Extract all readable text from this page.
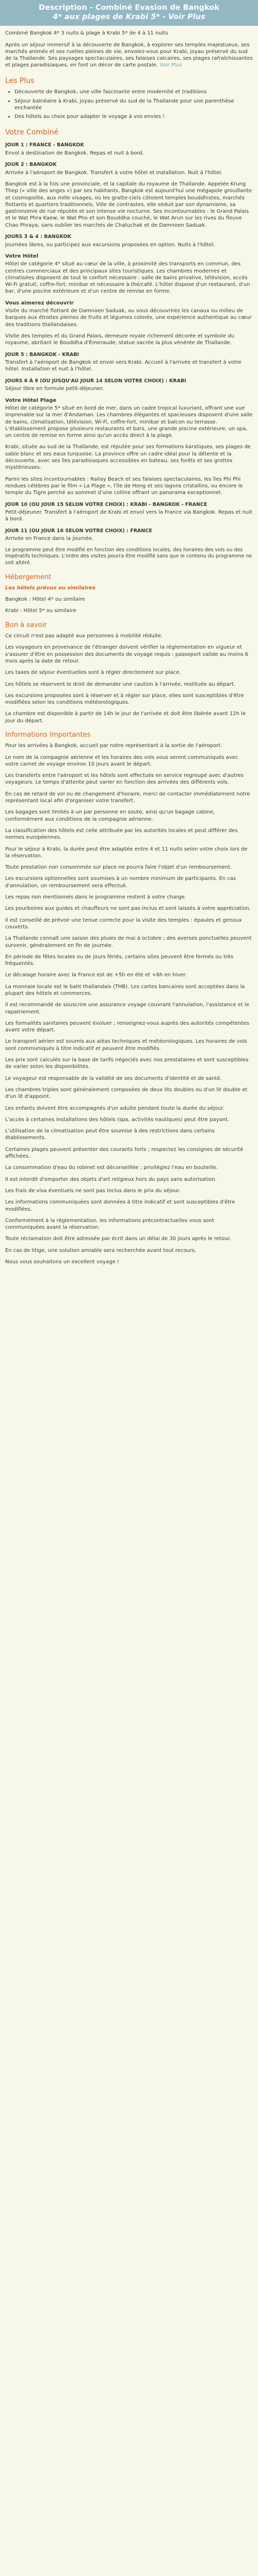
Description - Combiné Evasion de Bangkok
4* aux plages de Krabi 5* - Voir Plus

Combiné Bangkok 4* 3 nuits & plage à Krabi 5* de 4 à 11 nuits

Après un séjour immersif à la découverte de Bangkok, à explorer ses temples majestueux, ses marchés animés et ses ruelles pleines de vie, envolez-vous pour Krabi, joyau préservé du sud de la Thaïlande. Ses paysages spectaculaires, ses falaises calcaires, ses plages rafraîchissantes et plages paradisiaques, en font un décor de carte postale. Voir Plus

Les Plus
• Découverte de Bangkok, une ville fascinante entre modernité et traditions
• Séjour balnéaire à Krabi, joyau préservé du sud de la Thaïlande pour une parenthèse enchantée
• Des hôtels au choix pour adapter le voyage à vos envies !
Votre Combiné
JOUR 1 : FRANCE - BANGKOK

Envol à destination de Bangkok. Repas et nuit à bord.

JOUR 2 : BANGKOK

Arrivée à l'aéroport de Bangkok. Transfert à votre hôtel et installation. Nuit à l'hôtel.

Bangkok est à la fois une provinciale, et la capitale du royaume de Thaïlande. Appelée Krung Thep (« ville des anges ») par ses habitants, Bangkok est aujourd'hui une mégapole grouillante et cosmopolite, aux mille visages, où les gratte-ciels côtoient temples bouddhistes, marchés flottants et quartiers traditionnels. Ville de contrastes, elle séduit par son dynamisme, sa gastronomie de rue réputée et son intense vie nocturne. Ses incontournables : le Grand Palais et le Wat Phra Kaew, le Wat Pho et son Bouddha couché, le Wat Arun sur les rives du fleuve Chao Phraya, sans oublier les marchés de Chatuchak et de Damnoen Saduak.

JOURS 3 & 4 : BANGKOK

Journées libres, ou participez aux excursions proposées en option. Nuits à l'hôtel.

Votre Hôtel

Hôtel de catégorie 4* situé au cœur de la ville, à proximité des transports en commun, des centres commerciaux et des principaux sites touristiques. Les chambres modernes et climatisées disposent de tout le confort nécessaire : salle de bains privative, télévision, accès Wi-Fi gratuit, coffre-fort, minibar et nécessaire à thé/café. L'hôtel dispose d'un restaurant, d'un bar, d'une piscine extérieure et d'un centre de remise en forme.

Vous aimerez découvrir

Visite du marché flottant de Damnoen Saduak, ou vous découvrirez les canaux ou milieu de barques aux étroites pleines de fruits et légumes colorés, une expérience authentique au cœur des traditions thaïlandaises.

Visite des temples et du Grand Palais, demeure royale richement décorée et symbole du royaume, abritant le Bouddha d'Émeraude, statue sacrée la plus vénérée de Thaïlande.

JOUR 5 : BANGKOK - KRABI

Transfert à l'aéroport de Bangkok et envol vers Krabi. Accueil à l'arrivée et transfert à votre hôtel. Installation et nuit à l'hôtel.

JOURS 6 À 9 (OU JUSQU'AU JOUR 14 SELON VOTRE CHOIX) : KRABI

Séjour libre en formule petit-déjeuner.

Votre Hôtel Plage

Hôtel de catégorie 5* situé en bord de mer, dans un cadre tropical luxuriant, offrant une vue imprenable sur la mer d'Andaman. Les chambres élégantes et spacieuses disposent d'une salle de bains, climatisation, télévision, Wi-Fi, coffre-fort, minibar et balcon ou terrasse. L'établissement propose plusieurs restaurants et bars, une grande piscine extérieure, un spa, un centre de remise en forme ainsi qu'un accès direct à la plage.

Krabi, située au sud de la Thaïlande, est réputée pour ses formations karstiques, ses plages de sable blanc et ses eaux turquoise. La province offre un cadre idéal pour la détente et la découverte, avec ses îles paradisiaques accessibles en bateau, ses forêts et ses grottes mystérieuses.

Parmi les sites incontournables : Railay Beach et ses falaises spectaculaires, les îles Phi Phi rendues célèbres par le film « La Plage », l'île de Hong et ses lagons cristallins, ou encore le temple du Tigre perché au sommet d'une colline offrant un panorama exceptionnel.

JOUR 10 (OU JOUR 15 SELON VOTRE CHOIX) : KRABI - BANGKOK - FRANCE

Petit-déjeuner. Transfert à l'aéroport de Krabi et envol vers la France via Bangkok. Repas et nuit à bord.

JOUR 11 (OU JOUR 16 SELON VOTRE CHOIX) : FRANCE

Arrivée en France dans la journée.

Le programme peut être modifié en fonction des conditions locales, des horaires des vols ou des impératifs techniques. L'ordre des visites pourra être modifié sans que le contenu du programme ne soit altéré.

Hébergement

Les hôtels prévus ou similaires

Bangkok : Hôtel 4* ou similaire

Krabi : Hôtel 5* ou similaire

Bon à savoir

Ce circuit n'est pas adapté aux personnes à mobilité réduite.

Les voyageurs en provenance de l'étranger doivent vérifier la réglementation en vigueur et s'assurer d'être en possession des documents de voyage requis : passeport valide au moins 6 mois après la date de retour.

Les taxes de séjour éventuelles sont à régler directement sur place.

Les hôtels se réservent le droit de demander une caution à l'arrivée, restituée au départ.

Les excursions proposées sont à réserver et à régler sur place, elles sont susceptibles d'être modifiées selon les conditions météorologiques.

La chambre est disponible à partir de 14h le jour de l'arrivée et doit être libérée avant 12h le jour du départ.

Informations Importantes

Pour les arrivées à Bangkok, accueil par notre représentant à la sortie de l'aéroport.

Le nom de la compagnie aérienne et les horaires des vols vous seront communiqués avec votre carnet de voyage environ 10 jours avant le départ.

Les transferts entre l'aéroport et les hôtels sont effectués en service regroupé avec d'autres voyageurs. Le temps d'attente peut varier en fonction des arrivées des différents vols.

En cas de retard de vol ou de changement d'horaire, merci de contacter immédiatement notre représentant local afin d'organiser votre transfert.

Les bagages sont limités à un par personne en soute, ainsi qu'un bagage cabine, conformément aux conditions de la compagnie aérienne.

La classification des hôtels est celle attribuée par les autorités locales et peut différer des normes européennes.

Pour le séjour à Krabi, la durée peut être adaptée entre 4 et 11 nuits selon votre choix lors de la réservation.

Toute prestation non consommée sur place ne pourra faire l'objet d'un remboursement.

Les excursions optionnelles sont soumises à un nombre minimum de participants. En cas d'annulation, un remboursement sera effectué.

Les repas non mentionnés dans le programme restent à votre charge.

Les pourboires aux guides et chauffeurs ne sont pas inclus et sont laissés à votre appréciation.

Il est conseillé de prévoir une tenue correcte pour la visite des temples : épaules et genoux couverts.

La Thaïlande connaît une saison des pluies de mai à octobre ; des averses ponctuelles peuvent survenir, généralement en fin de journée.

En période de fêtes locales ou de jours fériés, certains sites peuvent être fermés ou très fréquentés.

Le décalage horaire avec la France est de +5h en été et +6h en hiver.

La monnaie locale est le baht thaïlandais (THB). Les cartes bancaires sont acceptées dans la plupart des hôtels et commerces.

Il est recommandé de souscrire une assurance voyage couvrant l'annulation, l'assistance et le rapatriement.

Les formalités sanitaires peuvent évoluer ; renseignez-vous auprès des autorités compétentes avant votre départ.

Le transport aérien est soumis aux aléas techniques et météorologiques. Les horaires de vols sont communiqués à titre indicatif et peuvent être modifiés.

Les prix sont calculés sur la base de tarifs négociés avec nos prestataires et sont susceptibles de varier selon les disponibilités.

Le voyageur est responsable de la validité de ses documents d'identité et de santé.

Les chambres triples sont généralement composées de deux lits doubles ou d'un lit double et d'un lit d'appoint.

Les enfants doivent être accompagnés d'un adulte pendant toute la durée du séjour.

L'accès à certaines installations des hôtels (spa, activités nautiques) peut être payant.

L'utilisation de la climatisation peut être soumise à des restrictions dans certains établissements.

Certaines plages peuvent présenter des courants forts ; respectez les consignes de sécurité affichées.

La consommation d'eau du robinet est déconseillée ; privilégiez l'eau en bouteille.

Il est interdit d'emporter des objets d'art religieux hors du pays sans autorisation.

Les frais de visa éventuels ne sont pas inclus dans le prix du séjour.

Les informations communiquées sont données à titre indicatif et sont susceptibles d'être modifiées.

Conformément à la réglementation, les informations précontractuelles vous sont communiquées avant la réservation.

Toute réclamation doit être adressée par écrit dans un délai de 30 jours après le retour.

En cas de litige, une solution amiable sera recherchée avant tout recours.

Nous vous souhaitons un excellent voyage !
